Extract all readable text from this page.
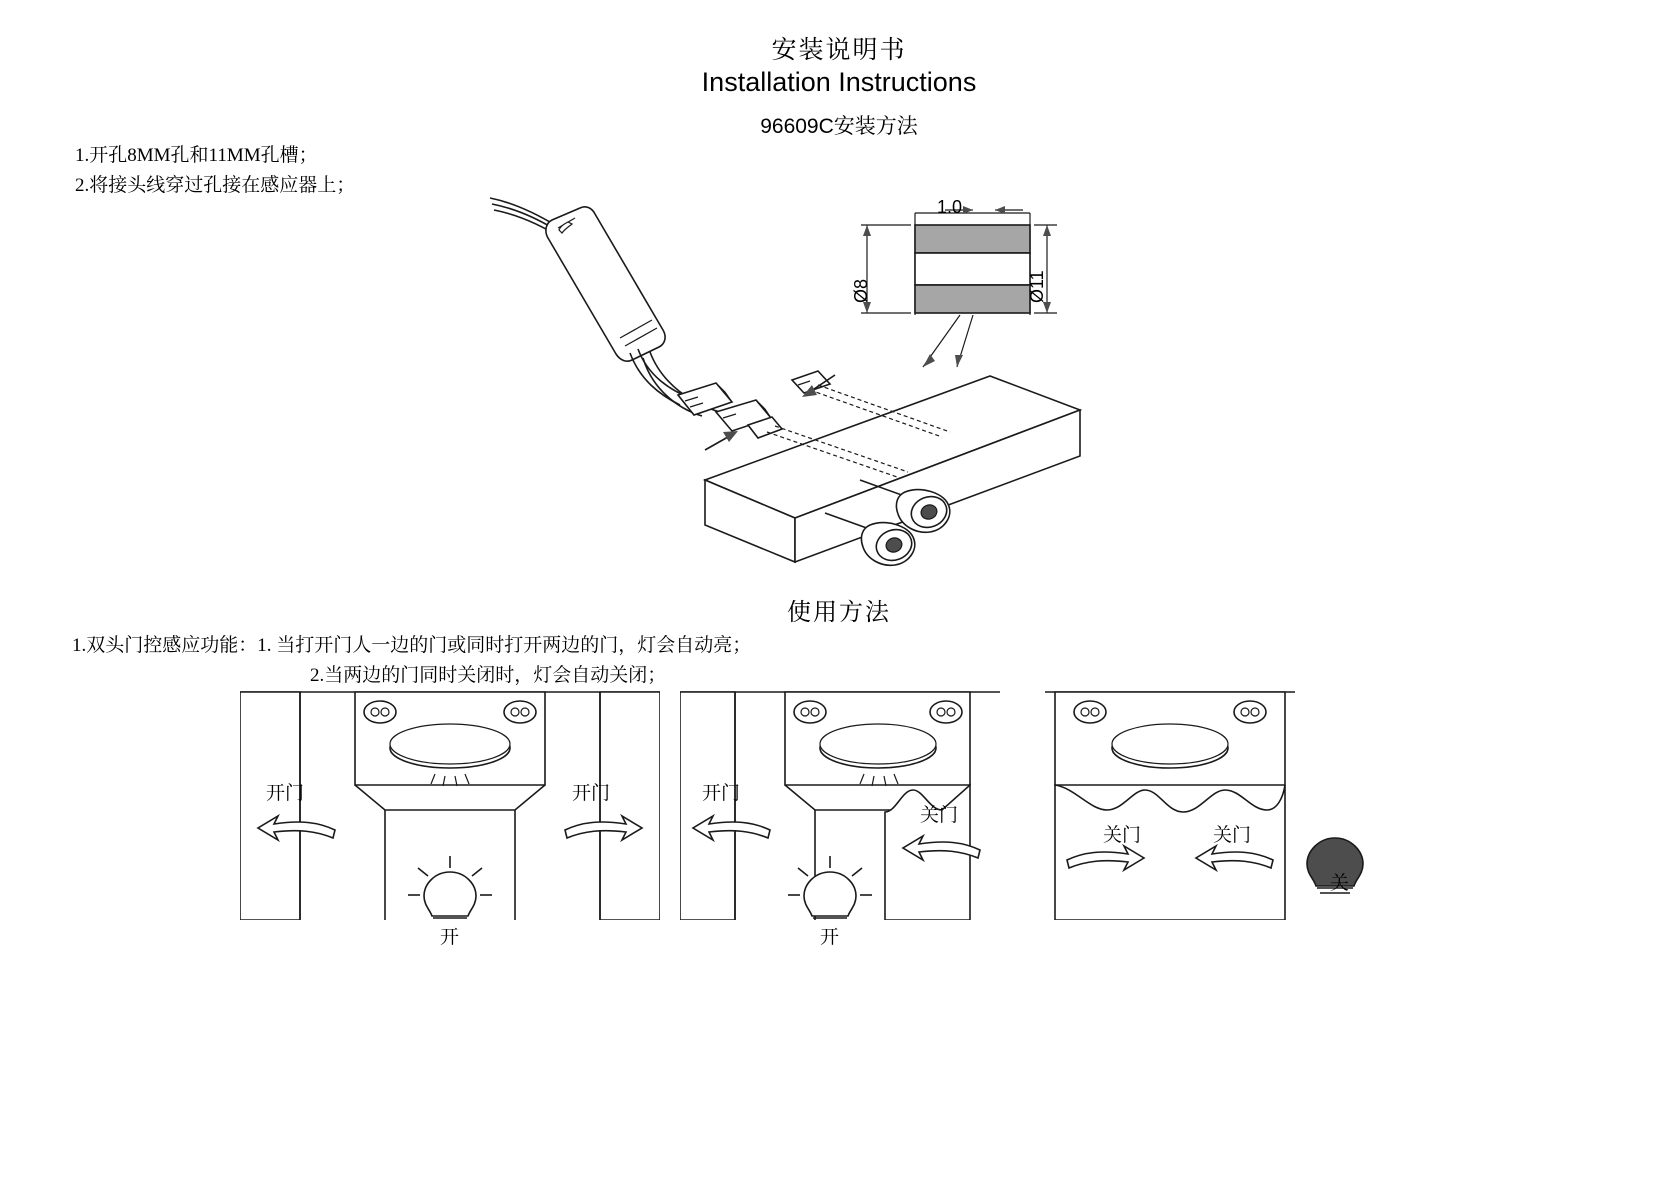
安装说明书
Installation Instructions
96609C安装方法
1.开孔8MM孔和11MM孔槽；
2.将接头线穿过孔接在感应器上；
1.0
Ø8	Ø11
使用方法
1.双头门控感应功能：1. 当打开门人一边的门或同时打开两边的门，灯会自动亮；
2.当两边的门同时关闭时，灯会自动关闭；
开门	开门
开
开门
关门
开
关门	关门
关
